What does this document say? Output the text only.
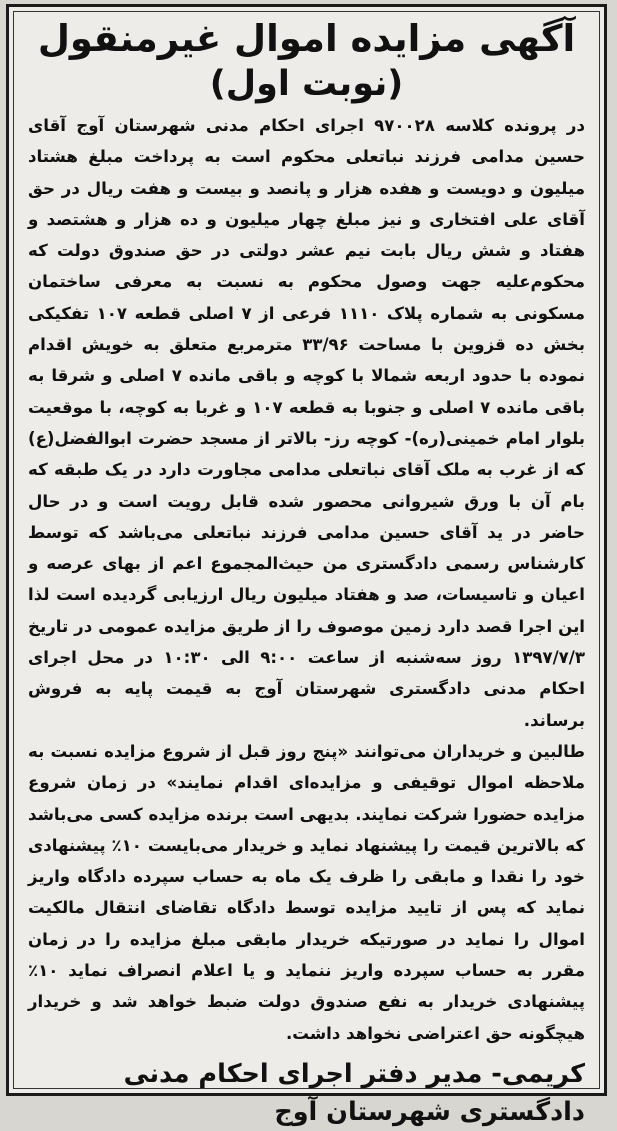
آگهی مزایده اموال غیرمنقول
(نوبت اول)

در پرونده کلاسه ۹۷۰۰۲۸ اجرای احکام مدنی شهرستان آوج آقای حسین مدامی فرزند نباتعلی محکوم است به پرداخت مبلغ هشتاد میلیون و دویست و هفده هزار و پانصد و بیست و هفت ریال در حق آقای علی افتخاری و نیز مبلغ چهار میلیون و ده هزار و هشتصد و هفتاد و شش ریال بابت نیم عشر دولتی در حق صندوق دولت که محکوم‌علیه جهت وصول محکوم به نسبت به معرفی ساختمان مسکونی به شماره پلاک ۱۱۱۰ فرعی از ۷ اصلی قطعه ۱۰۷ تفکیکی بخش ده قزوین با مساحت ۳۳/۹۶ مترمربع متعلق به خویش اقدام نموده با حدود اربعه شمالا با کوچه و باقی مانده ۷ اصلی و شرقا به باقی مانده ۷ اصلی و جنوبا به قطعه ۱۰۷ و غربا به کوچه، با موقعیت بلوار امام خمینی(ره)- کوچه رز- بالاتر از مسجد حضرت ابوالفضل(ع) که از غرب به ملک آقای نباتعلی مدامی مجاورت دارد در یک طبقه که بام آن با ورق شیروانی محصور شده قابل رویت است و در حال حاضر در ید آقای حسین مدامی فرزند نباتعلی می‌باشد که توسط کارشناس رسمی دادگستری من حیث‌المجموع اعم از بهای عرصه و اعیان و تاسیسات، صد و هفتاد میلیون ریال ارزیابی گردیده است لذا این اجرا قصد دارد زمین موصوف را از طریق مزایده عمومی در تاریخ ۱۳۹۷/۷/۳ روز سه‌شنبه از ساعت ۹:۰۰ الی ۱۰:۳۰ در محل اجرای احکام مدنی دادگستری شهرستان آوج به قیمت پایه به فروش برساند.

طالبین و خریداران می‌توانند «پنج روز قبل از شروع مزایده نسبت به ملاحظه اموال توقیفی و مزایده‌ای اقدام نمایند» در زمان شروع مزایده حضورا شرکت نمایند. بدیهی است برنده مزایده کسی می‌باشد که بالاترین قیمت را پیشنهاد نماید و خریدار می‌بایست ۱۰٪ پیشنهادی خود را نقدا و مابقی را ظرف یک ماه به حساب سپرده دادگاه واریز نماید که پس از تایید مزایده توسط دادگاه تقاضای انتقال مالکیت اموال را نماید در صورتیکه خریدار مابقی مبلغ مزایده را در زمان مقرر به حساب سپرده واریز ننماید و یا اعلام انصراف نماید ۱۰٪ پیشنهادی خریدار به نفع صندوق دولت ضبط خواهد شد و خریدار هیچگونه حق اعتراضی نخواهد داشت.

کریمی- مدیر دفتر اجرای احکام مدنی
دادگستری شهرستان آوج
